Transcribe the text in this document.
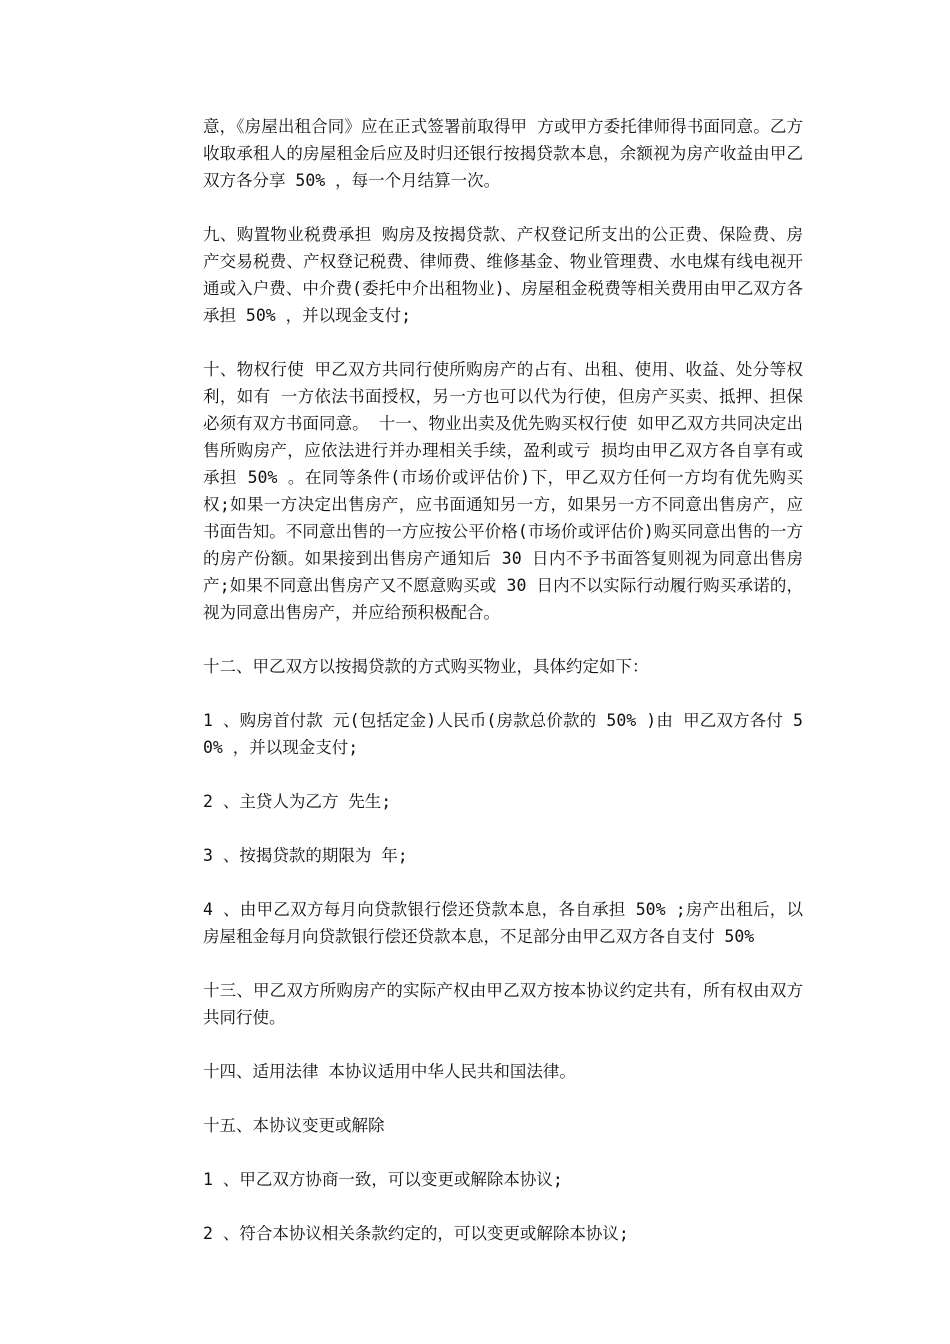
意，《房屋出租合同》应在正式签署前取得甲 方或甲方委托律师得书面同意。乙方收取承租人的房屋租金后应及时归还银行按揭贷款本息，余额视为房产收益由甲乙双方各分享 50% ，每一个月结算一次。

九、购置物业税费承担 购房及按揭贷款、产权登记所支出的公正费、保险费、房产交易税费、产权登记税费、律师费、维修基金、物业管理费、水电煤有线电视开通或入户费、中介费(委托中介出租物业)、房屋租金税费等相关费用由甲乙双方各承担 50% ，并以现金支付;

十、物权行使 甲乙双方共同行使所购房产的占有、出租、使用、收益、处分等权利，如有 一方依法书面授权，另一方也可以代为行使，但房产买卖、抵押、担保必须有双方书面同意。 十一、物业出卖及优先购买权行使 如甲乙双方共同决定出售所购房产，应依法进行并办理相关手续，盈利或亏 损均由甲乙双方各自享有或承担 50% 。在同等条件(市场价或评估价)下，甲乙双方任何一方均有优先购买权;如果一方决定出售房产，应书面通知另一方，如果另一方不同意出售房产，应书面告知。不同意出售的一方应按公平价格(市场价或评估价)购买同意出售的一方的房产份额。如果接到出售房产通知后 30 日内不予书面答复则视为同意出售房产;如果不同意出售房产又不愿意购买或 30 日内不以实际行动履行购买承诺的，视为同意出售房产，并应给预积极配合。

十二、甲乙双方以按揭贷款的方式购买物业，具体约定如下：

1 、购房首付款 元(包括定金)人民币(房款总价款的 50% )由 甲乙双方各付 50% ，并以现金支付;

2 、主贷人为乙方 先生;

3 、按揭贷款的期限为 年;

4 、由甲乙双方每月向贷款银行偿还贷款本息，各自承担 50% ;房产出租后，以房屋租金每月向贷款银行偿还贷款本息，不足部分由甲乙双方各自支付 50%

十三、甲乙双方所购房产的实际产权由甲乙双方按本协议约定共有，所有权由双方共同行使。

十四、适用法律 本协议适用中华人民共和国法律。

十五、本协议变更或解除

1 、甲乙双方协商一致，可以变更或解除本协议;

2 、符合本协议相关条款约定的，可以变更或解除本协议;
